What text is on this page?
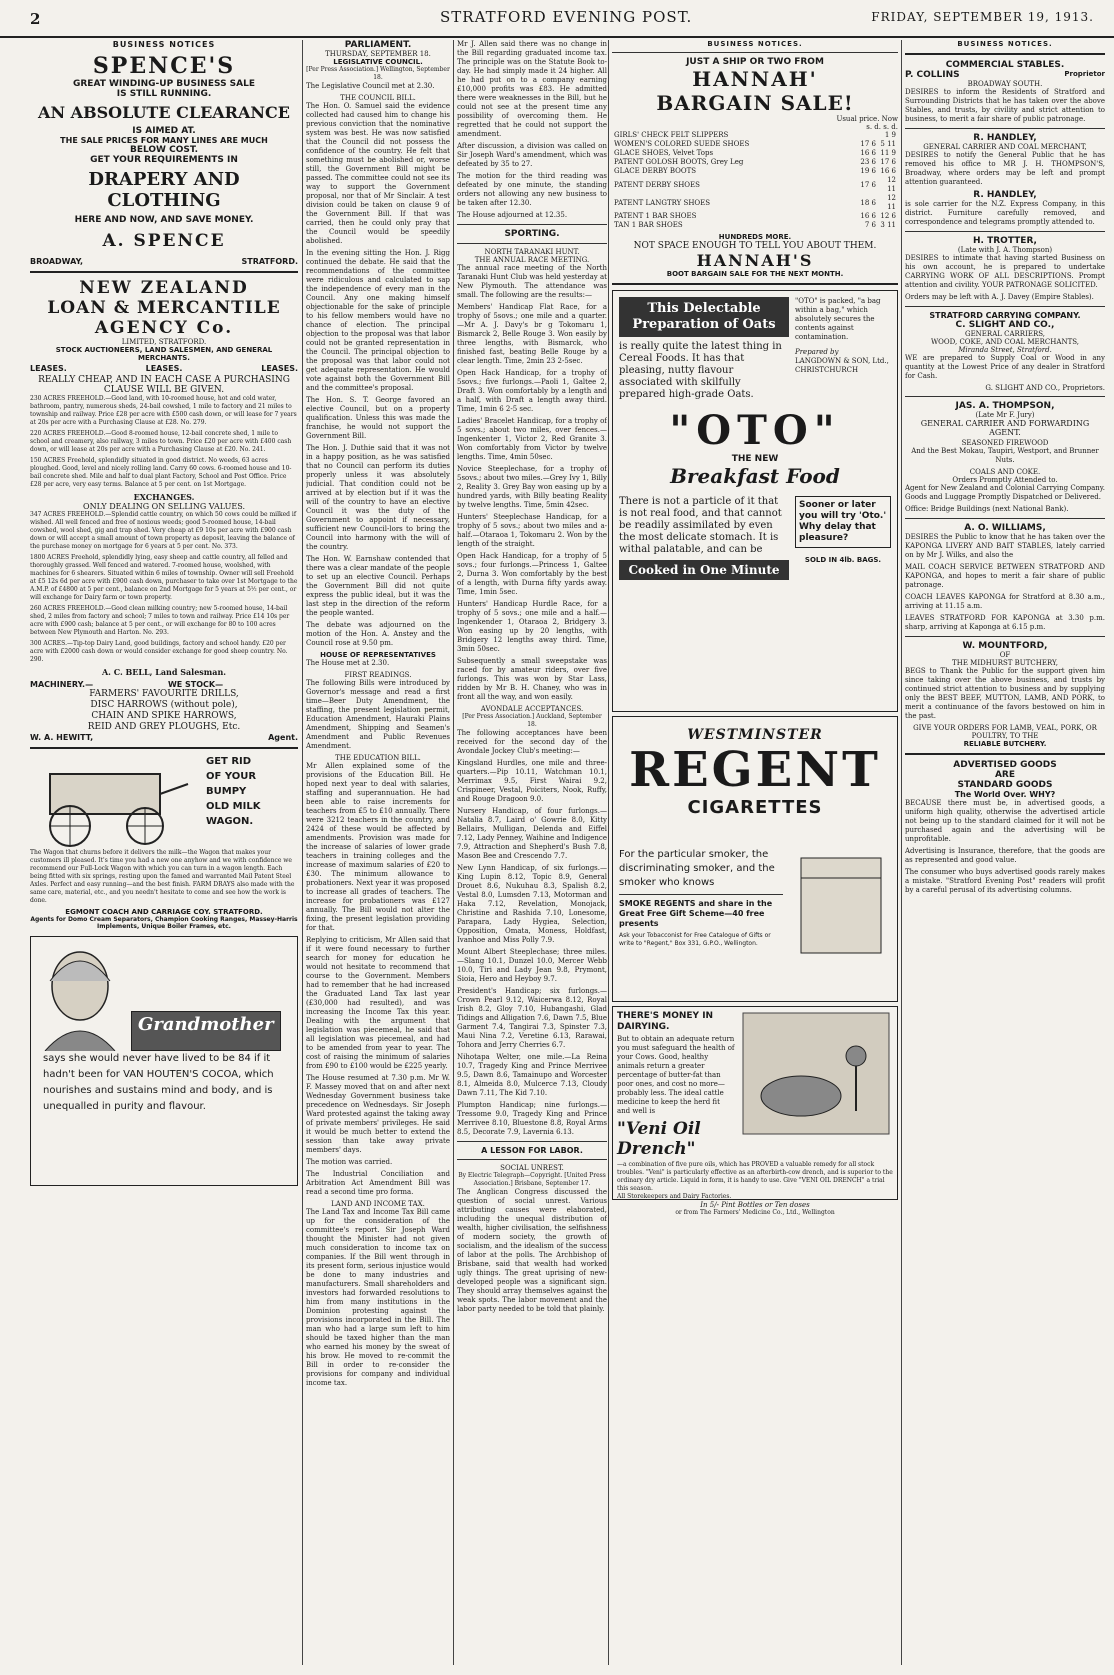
2	STRATFORD EVENING POST.	FRIDAY, SEPTEMBER 19, 1913.
BUSINESS NOTICES
SPENCE'S
GREAT WINDING-UP BUSINESS SALE
IS STILL RUNNING.
AN ABSOLUTE CLEARANCE
IS AIMED AT.
THE SALE PRICES FOR MANY LINES ARE MUCH
BELOW COST.
GET YOUR REQUIREMENTS IN
DRAPERY AND CLOTHING
HERE AND NOW, AND SAVE MONEY.
A. SPENCE
BROADWAY,	STRATFORD.
NEW ZEALAND
LOAN & MERCANTILE
AGENCY Co.
LIMITED, STRATFORD.
STOCK AUCTIONEERS, LAND SALESMEN, AND GENERAL MERCHANTS.
LEASES.	LEASES.	LEASES.
REALLY CHEAP, AND IN EACH CASE A PURCHASING CLAUSE WILL BE GIVEN.

230 ACRES FREEHOLD.—Good land, with 10-roomed house, hot and cold water, bathroom, pantry, numerous sheds, 24-bail cowshed, 1 mile to factory and 21 miles to township and railway. Price £28 per acre with £500 cash down, or will lease for 7 years at 20s per acre with a Purchasing Clause at £28. No. 279.

220 ACRES FREEHOLD.—Good 8-roomed house, 12-bail concrete shed, 1 mile to school and creamery, also railway, 3 miles to town. Price £20 per acre with £400 cash down, or will lease at 20s per acre with a Purchasing Clause at £20. No. 241.

150 ACRES Freehold, splendidly situated in good district. No weeds, 63 acres ploughed. Good, level and nicely rolling land. Carry 60 cows. 6-roomed house and 10-bail concrete shed. Mile and half to dual plant Factory, School and Post Office. Price £28 per acre, very easy terms. Balance at 5 per cent. on 1st Mortgage.

EXCHANGES.
ONLY DEALING ON SELLING VALUES.

347 ACRES FREEHOLD.—Splendid cattle country, on which 50 cows could be milked if wished. All well fenced and free of noxious weeds; good 5-roomed house, 14-bail cowshed, wool shed, gig and trap shed. Very cheap at £9 10s per acre with £900 cash down or will accept a small amount of town property as deposit, leaving the balance of the purchase money on mortgage for 6 years at 5 per cent. No. 373.

1800 ACRES Freehold, splendidly lying, easy sheep and cattle country, all felled and thoroughly grassed. Well fenced and watered. 7-roomed house, woolshed, with machines for 6 shearers. Situated within 6 miles of township. Owner will sell Freehold at £5 12s 6d per acre with £900 cash down, purchaser to take over 1st Mortgage to the A.M.P. of £4800 at 5 per cent., balance on 2nd Mortgage for 5 years at 5½ per cent., or will exchange for Dairy farm or town property.

260 ACRES FREEHOLD.—Good clean milking country; new 5-roomed house, 14-bail shed, 2 miles from factory and school; 7 miles to town and railway. Price £14 10s per acre with £900 cash; balance at 5 per cent., or will exchange for 80 to 100 acres between New Plymouth and Harton. No. 293.

300 ACRES.—Tip-top Dairy Land, good buildings, factory and school handy. £20 per acre with £2000 cash down or would consider exchange for good sheep country. No. 290.

A. C. BELL, Land Salesman.
MACHINERY.—	WE STOCK—
FARMERS' FAVOURITE DRILLS,
DISC HARROWS (without pole),
CHAIN AND SPIKE HARROWS,
REID AND GREY PLOUGHS, Etc.
W. A. HEWITT,	Agent.
GET RID
OF YOUR
BUMPY
OLD MILK
WAGON.

The Wagon that churns before it delivers the milk—the Wagon that makes your customers ill pleased. It's time you had a new one anyhow and we with confidence we recommend our Full-Lock Wagon with which you can turn in a wagon length. Each being fitted with six springs, resting upon the famed and warranted Mail Patent Steel Axles. Perfect and easy running—and the best finish. FARM DRAYS also made with the same care, material, etc., and you needn't hesitate to come and see how the work is done.

EGMONT COACH AND CARRIAGE COY. STRATFORD.
Agents for Domo Cream Separators, Champion Cooking Ranges, Massey-Harris Implements, Unique Boiler Frames, etc.
Grandmother
says she would never have lived to be 84 if it hadn't been for VAN HOUTEN'S COCOA, which nourishes and sustains mind and body, and is unequalled in purity and flavour.
PARLIAMENT.
THURSDAY, SEPTEMBER 18.
LEGISLATIVE COUNCIL.
[Per Press Association.] Wellington, September 18.

The Legislative Council met at 2.30.

THE COUNCIL BILL.

The Hon. O. Samuel said the evidence collected had caused him to change his previous conviction that the nominative system was best. He was now satisfied that the Council did not possess the confidence of the country. He felt that something must be abolished or, worse still, the Government Bill might be passed. The committee could not see its way to support the Government proposal, nor that of Mr Sinclair. A test division could be taken on clause 9 of the Government Bill. If that was carried, then he could only pray that the Council would be speedily abolished.

In the evening sitting the Hon. J. Rigg continued the debate. He said that the recommendations of the committee were ridiculous and calculated to sap the independence of every man in the Council. Any one making himself objectionable for the sake of principle to his fellow members would have no chance of election. The principal objection to the proposal was that labor could not be granted representation in the Council. The principal objection to the proposal was that labor could not get adequate representation. He would vote against both the Government Bill and the committee's proposal.

The Hon. S. T. George favored an elective Council, but on a property qualification. Unless this was made the franchise, he would not support the Government Bill.

The Hon. J. Duthie said that it was not in a happy position, as he was satisfied that no Council can perform its duties properly unless it was absolutely judicial. That condition could not be arrived at by election but if it was the will of the country to have an elective Council it was the duty of the Government to appoint if necessary, sufficient new Council-lors to bring the Council into harmony with the will of the country.

The Hon. W. Earnshaw contended that there was a clear mandate of the people to set up an elective Council. Perhaps the Government Bill did not quite express the public ideal, but it was the last step in the direction of the reform the people wanted.

The debate was adjourned on the motion of the Hon. A. Anstey and the Council rose at 9.50 pm.

HOUSE OF REPRESENTATIVES

The House met at 2.30.

FIRST READINGS.

The following Bills were introduced by Governor's message and read a first time—Beer Duty Amendment, the staffing, the present legislation permit, Education Amendment, Hauraki Plains Amendment, Shipping and Seamen's Amendment and Public Revenues Amendment.

THE EDUCATION BILL.

Mr Allen explained some of the provisions of the Education Bill. He hoped next year to deal with salaries, staffing and superannuation. He had been able to raise increments for teachers from £5 to £10 annually. There were 3212 teachers in the country, and 2424 of these would be affected by amendments. Provision was made for the increase of salaries of lower grade teachers in training colleges and the increase of maximum salaries of £20 to £30. The minimum allowance to probationers. Next year it was proposed to increase all grades of teachers. The increase for probationers was £127 annually. The Bill would not alter the fixing, the present legislation providing for that.

Replying to criticism, Mr Allen said that if it were found necessary to further search for money for education he would not hesitate to recommend that course to the Government. Members had to remember that he had increased the Graduated Land Tax last year (£30,000 had resulted), and was increasing the Income Tax this year. Dealing with the argument that legislation was piecemeal, he said that all legislation was piecemeal, and had to be amended from year to year. The cost of raising the minimum of salaries from £90 to £100 would be £225 yearly.

The House resumed at 7.30 p.m. Mr W. F. Massey moved that on and after next Wednesday Government business take precedence on Wednesdays. Sir Joseph Ward protested against the taking away of private members' privileges. He said it would be much better to extend the session than take away private members' days.

The motion was carried.

The Industrial Conciliation and Arbitration Act Amendment Bill was read a second time pro forma.

LAND AND INCOME TAX.

The Land Tax and Income Tax Bill came up for the consideration of the committee's report. Sir Joseph Ward thought the Minister had not given much consideration to income tax on companies. If the Bill went through in its present form, serious injustice would be done to many industries and manufacturers. Small shareholders and investors had forwarded resolutions to him from many institutions in the Dominion protesting against the provisions incorporated in the Bill. The man who had a large sum left to him should be taxed higher than the man who earned his money by the sweat of his brow. He moved to re-commit the Bill in order to re-consider the provisions for company and individual income tax.

Mr J. Allen said there was no change in the Bill regarding graduated income tax. The principle was on the Statute Book to-day. He had simply made it 24 higher. All he had put on to a company earning £10,000 profits was £83. He admitted there were weaknesses in the Bill, but he could not see at the present time any possibility of overcoming them. He regretted that he could not support the amendment.

After discussion, a division was called on Sir Joseph Ward's amendment, which was defeated by 35 to 27.

The motion for the third reading was defeated by one minute, the standing orders not allowing any new business to be taken after 12.30.

The House adjourned at 12.35.

SPORTING.
NORTH TARANAKI HUNT.
THE ANNUAL RACE MEETING.

The annual race meeting of the North Taranaki Hunt Club was held yesterday at New Plymouth. The attendance was small. The following are the results:—

Members' Handicap Flat Race, for a trophy of 5sovs.; one mile and a quarter.—Mr A. J. Davy's br g Tokomaru 1, Bismarck 2, Belle Rouge 3. Won easily by three lengths, with Bismarck, who finished fast, beating Belle Rouge by a clear length. Time, 2min 23 2-5sec.

Open Hack Handicap, for a trophy of 5sovs.; five furlongs.—Paoli 1, Galtee 2, Draft 3. Won comfortably by a length and a half, with Draft a length away third. Time, 1min 6 2-5 sec.

Ladies' Bracelet Handicap, for a trophy of 5 sovs.; about two miles, over fences.—Ingenkenter 1, Victor 2, Red Granite 3. Won comfortably from Victor by twelve lengths. Time, 4min 50sec.

Novice Steeplechase, for a trophy of 5sovs.; about two miles.—Grey Ivy 1, Billy 2, Reality 3. Grey Bay won easing up by a hundred yards, with Billy beating Reality by twelve lengths. Time, 5min 42sec.

Hunters' Steeplechase Handicap, for a trophy of 5 sovs.; about two miles and a-half.—Otaraoa 1, Tokomaru 2. Won by the length of the straight.

Open Hack Handicap, for a trophy of 5 sovs.; four furlongs.—Princess 1, Galtee 2, Durna 3. Won comfortably by the best of a length, with Durna fifty yards away. Time, 1min 5sec.

Hunters' Handicap Hurdle Race, for a trophy of 5 sovs.; one mile and a half.—Ingenkender 1, Otaraoa 2, Bridgery 3. Won easing up by 20 lengths, with Bridgery 12 lengths away third. Time, 3min 50sec.

Subsequently a small sweepstake was raced for by amateur riders, over five furlongs. This was won by Star Lass, ridden by Mr B. H. Chaney, who was in front all the way, and won easily.

AVONDALE ACCEPTANCES.
[Per Press Association.] Auckland, September 18.

The following acceptances have been received for the second day of the Avondale Jockey Club's meeting:—

Kingsland Hurdles, one mile and three-quarters.—Pip 10.11, Watchman 10.1, Merrimax 9.5, First Wairai 9.2, Crispineer, Vestal, Poiciters, Nook, Ruffy, and Rouge Dragoon 9.0.

Nursery Handicap, of four furlongs.—Natalia 8.7, Laird o' Gowrie 8.0, Kitty Bellairs, Mulligan, Delenda and Eiffel 7.12, Lady Penney, Waihine and Indigence 7.9, Attraction and Shepherd's Bush 7.8, Mason Bee and Crescendo 7.7.

New Lynn Handicap, of six furlongs.—King Lupin 8.12, Topic 8.9, General Drouet 8.6, Nukuhau 8.3, Spalish 8.2, Vestal 8.0, Lumsden 7.13, Motorman and Haka 7.12, Revelation, Monojack, Christine and Rashida 7.10, Lonesome, Parapara, Lady Hygiea, Selection, Opposition, Omata, Moness, Holdfast, Ivanhoe and Miss Polly 7.9.

Mount Albert Steeplechase; three miles.—Slang 10.1, Dunzel 10.0, Mercer Webb 10.0, Tiri and Lady Jean 9.8, Prymont, Sioia, Hero and Heyboy 9.7.

President's Handicap; six furlongs.—Crown Pearl 9.12, Waicerwa 8.12, Royal Irish 8.2, Gloy 7.10, Hubangashi, Glad Tidings and Alligation 7.6, Dawn 7.5, Blue Garment 7.4, Tangirai 7.3, Spinster 7.3, Maui Nina 7.2, Veretine 6.13, Rarawai, Tohora and Jerry Cherries 6.7.

Nihotapa Welter, one mile.—La Reina 10.7, Tragedy King and Prince Merrivee 9.5, Dawn 8.6, Tamainupo and Worcester 8.1, Almeida 8.0, Mulcerce 7.13, Cloudy Dawn 7.11, The Kid 7.10.

Plumpton Handicap; nine furlongs.—Tressome 9.0, Tragedy King and Prince Merrivee 8.10, Bluestone 8.8, Royal Arms 8.5, Decorate 7.9, Lavernia 6.13.

A LESSON FOR LABOR.
SOCIAL UNREST.
By Electric Telegraph—Copyright. [United Press Association.] Brisbane, September 17.

The Anglican Congress discussed the question of social unrest. Various attributing causes were elaborated, including the unequal distribution of wealth, higher civilisation, the selfishness of modern society, the growth of socialism, and the idealism of the success of labor at the polls. The Archbishop of Brisbane, said that wealth had worked ugly things. The great uprising of new-developed people was a significant sign. They should array themselves against the weak spots. The labor movement and the labor party needed to be told that plainly.

BUSINESS NOTICES.
JUST A SHIP OR TWO FROM
HANNAH'
BARGAIN SALE!
Usual price. Now
s. d. s. d.
GIRLS' CHECK FELT SLIPPERS		1 9
WOMEN'S COLORED SUEDE SHOES	17 6	5 11
GLACE SHOES, Velvet Tops	16 6	11 9
PATENT GOLOSH BOOTS, Grey Leg	23 6	17 6
GLACE DERBY BOOTS	19 6	16 6
PATENT DERBY SHOES	17 6	12 11
PATENT LANGTRY SHOES	18 6	12 11
PATENT 1 BAR SHOES	16 6	12 6
TAN 1 BAR SHOES	7 6	3 11
HUNDREDS MORE.
NOT SPACE ENOUGH TO TELL YOU ABOUT THEM.
HANNAH'S
BOOT BARGAIN SALE FOR THE NEXT MONTH.
This Delectable
Preparation of Oats
is really quite the latest thing in Cereal Foods. It has that pleasing, nutty flavour associated with skilfully prepared high-grade Oats.
"OTO" is packed, "a bag within a bag," which absolutely secures the contents against contamination.
Prepared by
LANGDOWN & SON, Ltd., CHRISTCHURCH
"OTO"
THE NEW
Breakfast Food
There is not a particle of it that is not real food, and that cannot be readily assimilated by even the most delicate stomach. It is withal palatable, and can be
Cooked in One Minute
Sooner or later you will try 'Oto.' Why delay that pleasure?
SOLD IN 4lb. BAGS.
WESTMINSTER
REGENT
CIGARETTES
For the particular smoker, the discriminating smoker, and the smoker who knows
SMOKE REGENTS and share in the Great Free Gift Scheme—40 free presents
Ask your Tobacconist for Free Catalogue of Gifts or write to "Regent," Box 331, G.P.O., Wellington.
THERE'S MONEY IN DAIRYING.
But to obtain an adequate return you must safeguard the health of your Cows. Good, healthy animals return a greater percentage of butter-fat than poor ones, and cost no more—probably less. The ideal cattle medicine to keep the herd fit and well is
"Veni Oil Drench"
—a combination of five pure oils, which has PROVED a valuable remedy for all stock troubles. "Veni" is particularly effective as an afterbirth-cow drench, and is superior to the ordinary dry article. Liquid in form, it is handy to use. Give "VENI OIL DRENCH" a trial this season.
All Storekeepers and Dairy Factories.
In 5/- Pint Bottles or Ten doses
or from The Farmers' Medicine Co., Ltd., Wellington
BUSINESS NOTICES.
COMMERCIAL STABLES.
P. COLLINS	Proprietor
BROADWAY SOUTH.

DESIRES to inform the Residents of Stratford and Surrounding Districts that he has taken over the above Stables, and trusts, by civility and strict attention to business, to merit a fair share of public patronage.

R. HANDLEY,
GENERAL CARRIER AND COAL MERCHANT,

DESIRES to notify the General Public that he has removed his office to MR J. H. THOMPSON'S, Broadway, where orders may be left and prompt attention guaranteed.

R. HANDLEY,

is sole carrier for the N.Z. Express Company, in this district. Furniture carefully removed, and correspondence and telegrams promptly attended to.

H. TROTTER,
(Late with J. A. Thompson)

DESIRES to intimate that having started Business on his own account, he is prepared to undertake CARRYING WORK OF ALL DESCRIPTIONS. Prompt attention and civility. YOUR PATRONAGE SOLICITED.

Orders may be left with A. J. Davey (Empire Stables).

STRATFORD CARRYING COMPANY.
C. SLIGHT AND CO.,
GENERAL CARRIERS,
WOOD, COKE, AND COAL MERCHANTS,
Miranda Street, Stratford.

WE are prepared to Supply Coal or Wood in any quantity at the Lowest Price of any dealer in Stratford for Cash.

G. SLIGHT AND CO., Proprietors.
JAS. A. THOMPSON,
(Late Mr F. Jury)
GENERAL CARRIER AND FORWARDING AGENT.
SEASONED FIREWOOD

And the Best Mokau, Taupiri, Westport, and Brunner Nuts.

COALS AND COKE.
Orders Promptly Attended to.

Agent for New Zealand and Colonial Carrying Company. Goods and Luggage Promptly Dispatched or Delivered.

Office: Bridge Buildings (next National Bank).

A. O. WILLIAMS,

DESIRES the Public to know that he has taken over the KAPONGA LIVERY AND BAIT STABLES, lately carried on by Mr J. Wilks, and also the

MAIL COACH SERVICE BETWEEN STRATFORD AND KAPONGA, and hopes to merit a fair share of public patronage.

COACH LEAVES KAPONGA for Stratford at 8.30 a.m., arriving at 11.15 a.m.

LEAVES STRATFORD FOR KAPONGA at 3.30 p.m. sharp, arriving at Kaponga at 6.15 p.m.

W. MOUNTFORD,
OF
THE MIDHURST BUTCHERY,

BEGS to Thank the Public for the support given him since taking over the above business, and trusts by continued strict attention to business and by supplying only the BEST BEEF, MUTTON, LAMB, AND PORK, to merit a continuance of the favors bestowed on him in the past.

GIVE YOUR ORDERS FOR LAMB, VEAL, PORK, OR POULTRY, TO THE
RELIABLE BUTCHERY.
ADVERTISED GOODS
ARE
STANDARD GOODS
The World Over. WHY?

BECAUSE there must be, in advertised goods, a uniform high quality, otherwise the advertised article not being up to the standard claimed for it will not be purchased again and the advertising will be unprofitable.

Advertising is Insurance, therefore, that the goods are as represented and good value.

The consumer who buys advertised goods rarely makes a mistake. "Stratford Evening Post" readers will profit by a careful perusal of its advertising columns.
